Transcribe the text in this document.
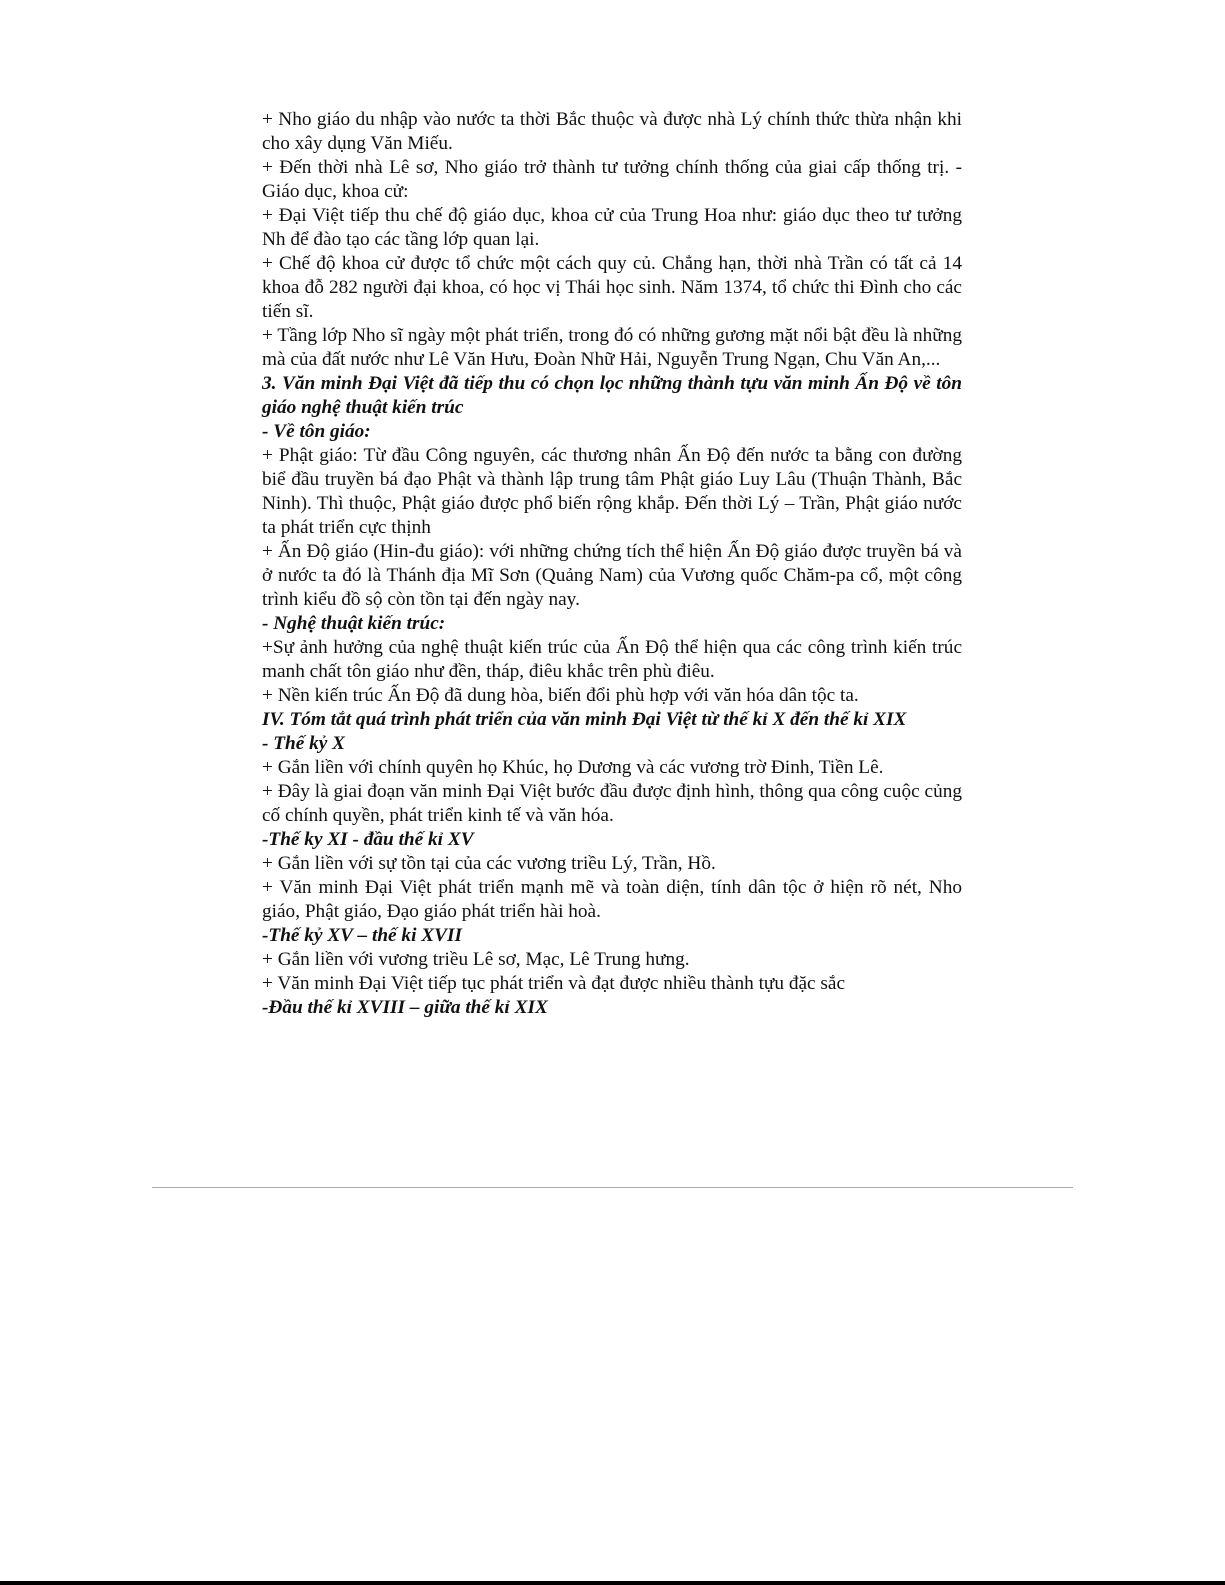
+ Nho giáo du nhập vào nước ta thời Bắc thuộc và được nhà Lý chính thức thừa nhận khi cho xây dụng Văn Miếu.

+ Đến thời nhà Lê sơ, Nho giáo trở thành tư tưởng chính thống của giai cấp thống trị. - Giáo dục, khoa cử:

+ Đại Việt tiếp thu chế độ giáo dục, khoa cử của Trung Hoa như: giáo dục theo tư tưởng Nh để đào tạo các tầng lớp quan lại.

+ Chế độ khoa cử được tổ chức một cách quy củ. Chẳng hạn, thời nhà Trần có tất cả 14 khoa đỗ 282 người đại khoa, có học vị Thái học sinh. Năm 1374, tổ chức thi Đình cho các tiến sĩ.

+ Tầng lớp Nho sĩ ngày một phát triển, trong đó có những gương mặt nổi bật đều là những mà của đất nước như Lê Văn Hưu, Đoàn Nhữ Hải, Nguyễn Trung Ngạn, Chu Văn An,...

3. Văn minh Đại Việt đã tiếp thu có chọn lọc những thành tựu văn minh Ấn Độ về tôn giáo nghệ thuật kiến trúc

- Về tôn giáo:

+ Phật giáo: Từ đầu Công nguyên, các thương nhân Ấn Độ đến nước ta bằng con đường biể đầu truyền bá đạo Phật và thành lập trung tâm Phật giáo Luy Lâu (Thuận Thành, Bắc Ninh). Thì thuộc, Phật giáo được phổ biến rộng khắp. Đến thời Lý – Trần, Phật giáo nước ta phát triển cực thịnh

+ Ấn Độ giáo (Hin-đu giáo): với những chứng tích thể hiện Ấn Độ giáo được truyền bá và ở nước ta đó là Thánh địa Mĩ Sơn (Quảng Nam) của Vương quốc Chăm-pa cổ, một công trình kiểu đồ sộ còn tồn tại đến ngày nay.

- Nghệ thuật kiến trúc:

+Sự ảnh hưởng của nghệ thuật kiến trúc của Ấn Độ thể hiện qua các công trình kiến trúc manh chất tôn giáo như đền, tháp, điêu khắc trên phù điêu.

+ Nền kiến trúc Ấn Độ đã dung hòa, biến đổi phù hợp với văn hóa dân tộc ta.

IV. Tóm tắt quá trình phát triển của văn minh Đại Việt từ thế kỉ X đến thế kỉ XIX

- Thế kỷ X

+ Gắn liền với chính quyên họ Khúc, họ Dương và các vương trờ Đinh, Tiền Lê.

+ Đây là giai đoạn văn minh Đại Việt bước đầu được định hình, thông qua công cuộc củng cố chính quyền, phát triển kinh tế và văn hóa.

-Thế ky XI - đầu thế kỉ XV

+ Gắn liền với sự tồn tại của các vương triều Lý, Trần, Hồ.

+ Văn minh Đại Việt phát triển mạnh mẽ và toàn diện, tính dân tộc ở hiện rõ nét, Nho giáo, Phật giáo, Đạo giáo phát triển hài hoà.

-Thế kỷ XV – thế ki XVII

+ Gắn liền với vương triều Lê sơ, Mạc, Lê Trung hưng.

+ Văn minh Đại Việt tiếp tục phát triển và đạt được nhiều thành tựu đặc sắc

-Đầu thế kỉ XVIII – giữa thế kỉ XIX
